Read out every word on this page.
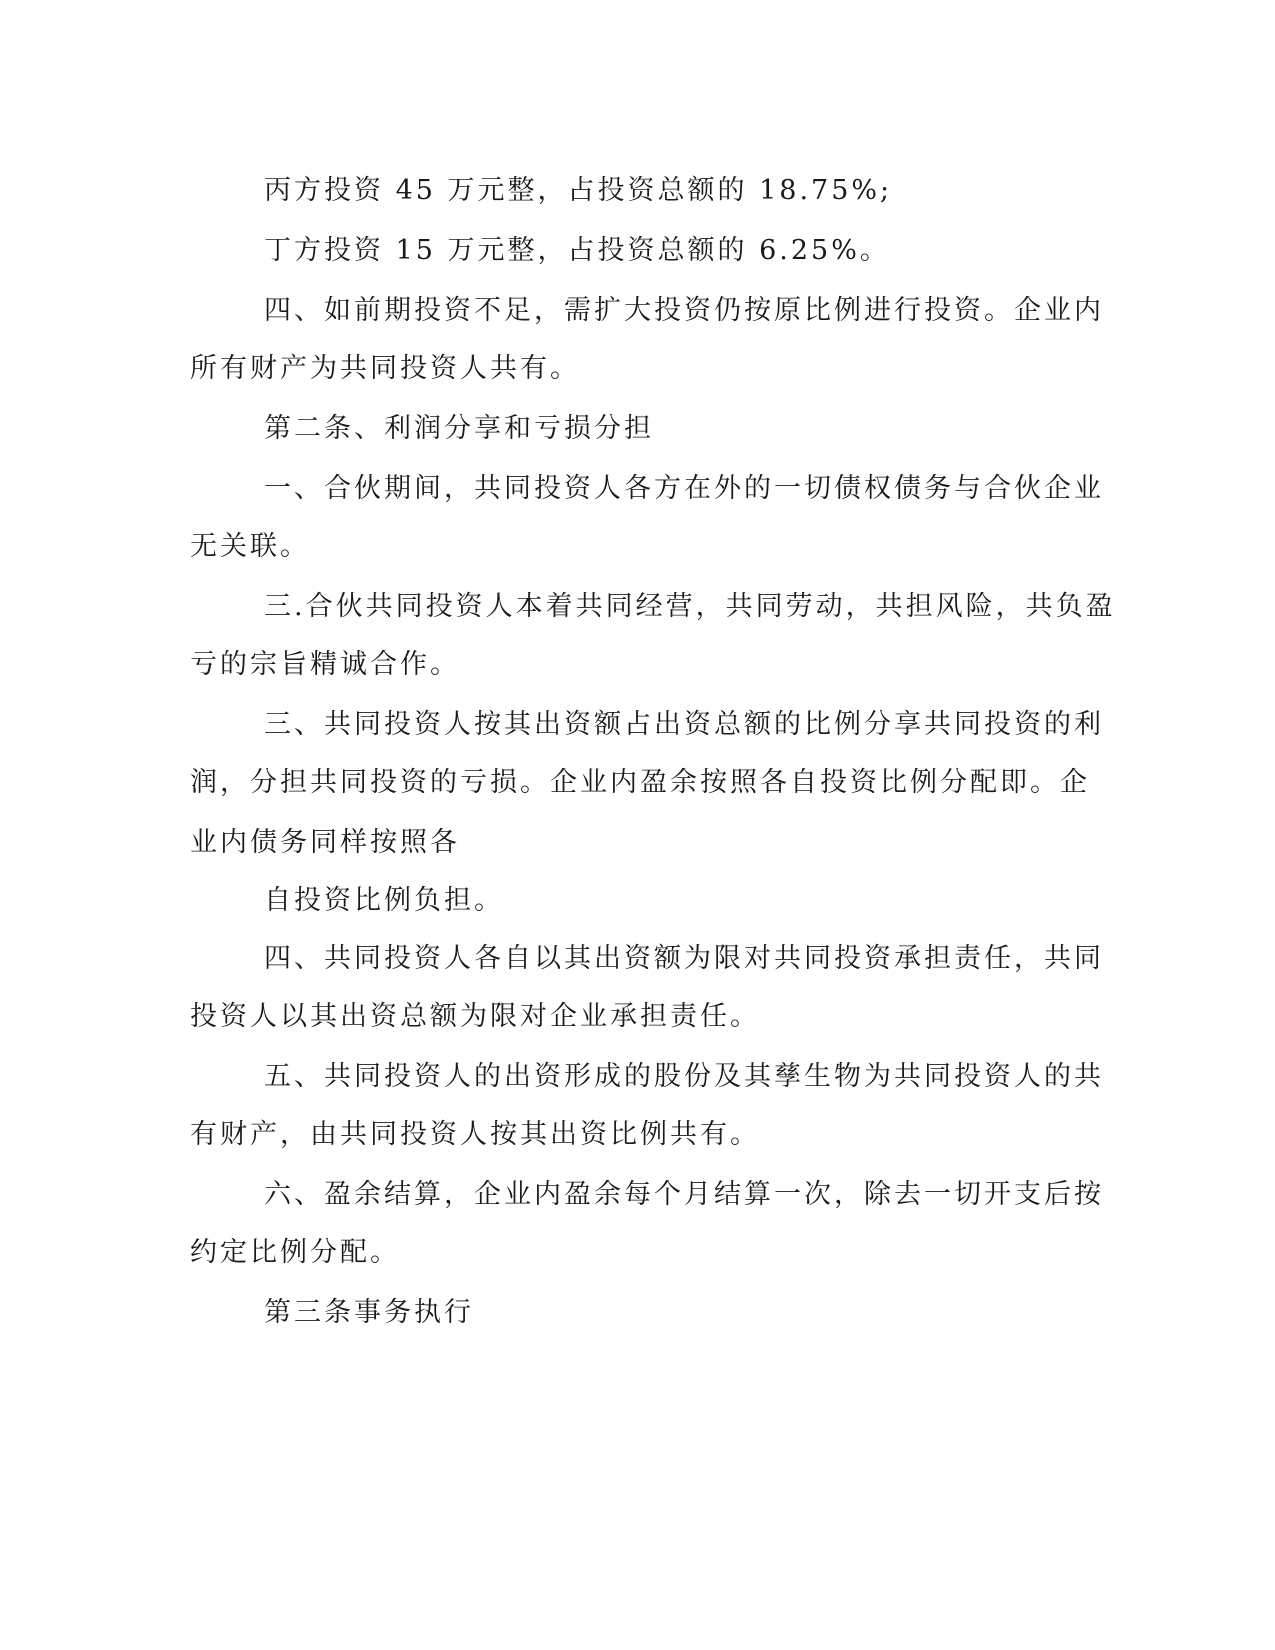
丙方投资 45 万元整，占投资总额的 18.75%;
丁方投资 15 万元整，占投资总额的 6.25%。
四、如前期投资不足，需扩大投资仍按原比例进行投资。企业内
所有财产为共同投资人共有。
第二条、利润分享和亏损分担
一、合伙期间，共同投资人各方在外的一切债权债务与合伙企业
无关联。
三.合伙共同投资人本着共同经营，共同劳动，共担风险，共负盈
亏的宗旨精诚合作。
三、共同投资人按其出资额占出资总额的比例分享共同投资的利
润，分担共同投资的亏损。企业内盈余按照各自投资比例分配即。企
业内债务同样按照各
自投资比例负担。
四、共同投资人各自以其出资额为限对共同投资承担责任，共同
投资人以其出资总额为限对企业承担责任。
五、共同投资人的出资形成的股份及其孳生物为共同投资人的共
有财产，由共同投资人按其出资比例共有。
六、盈余结算，企业内盈余每个月结算一次，除去一切开支后按
约定比例分配。
第三条事务执行
